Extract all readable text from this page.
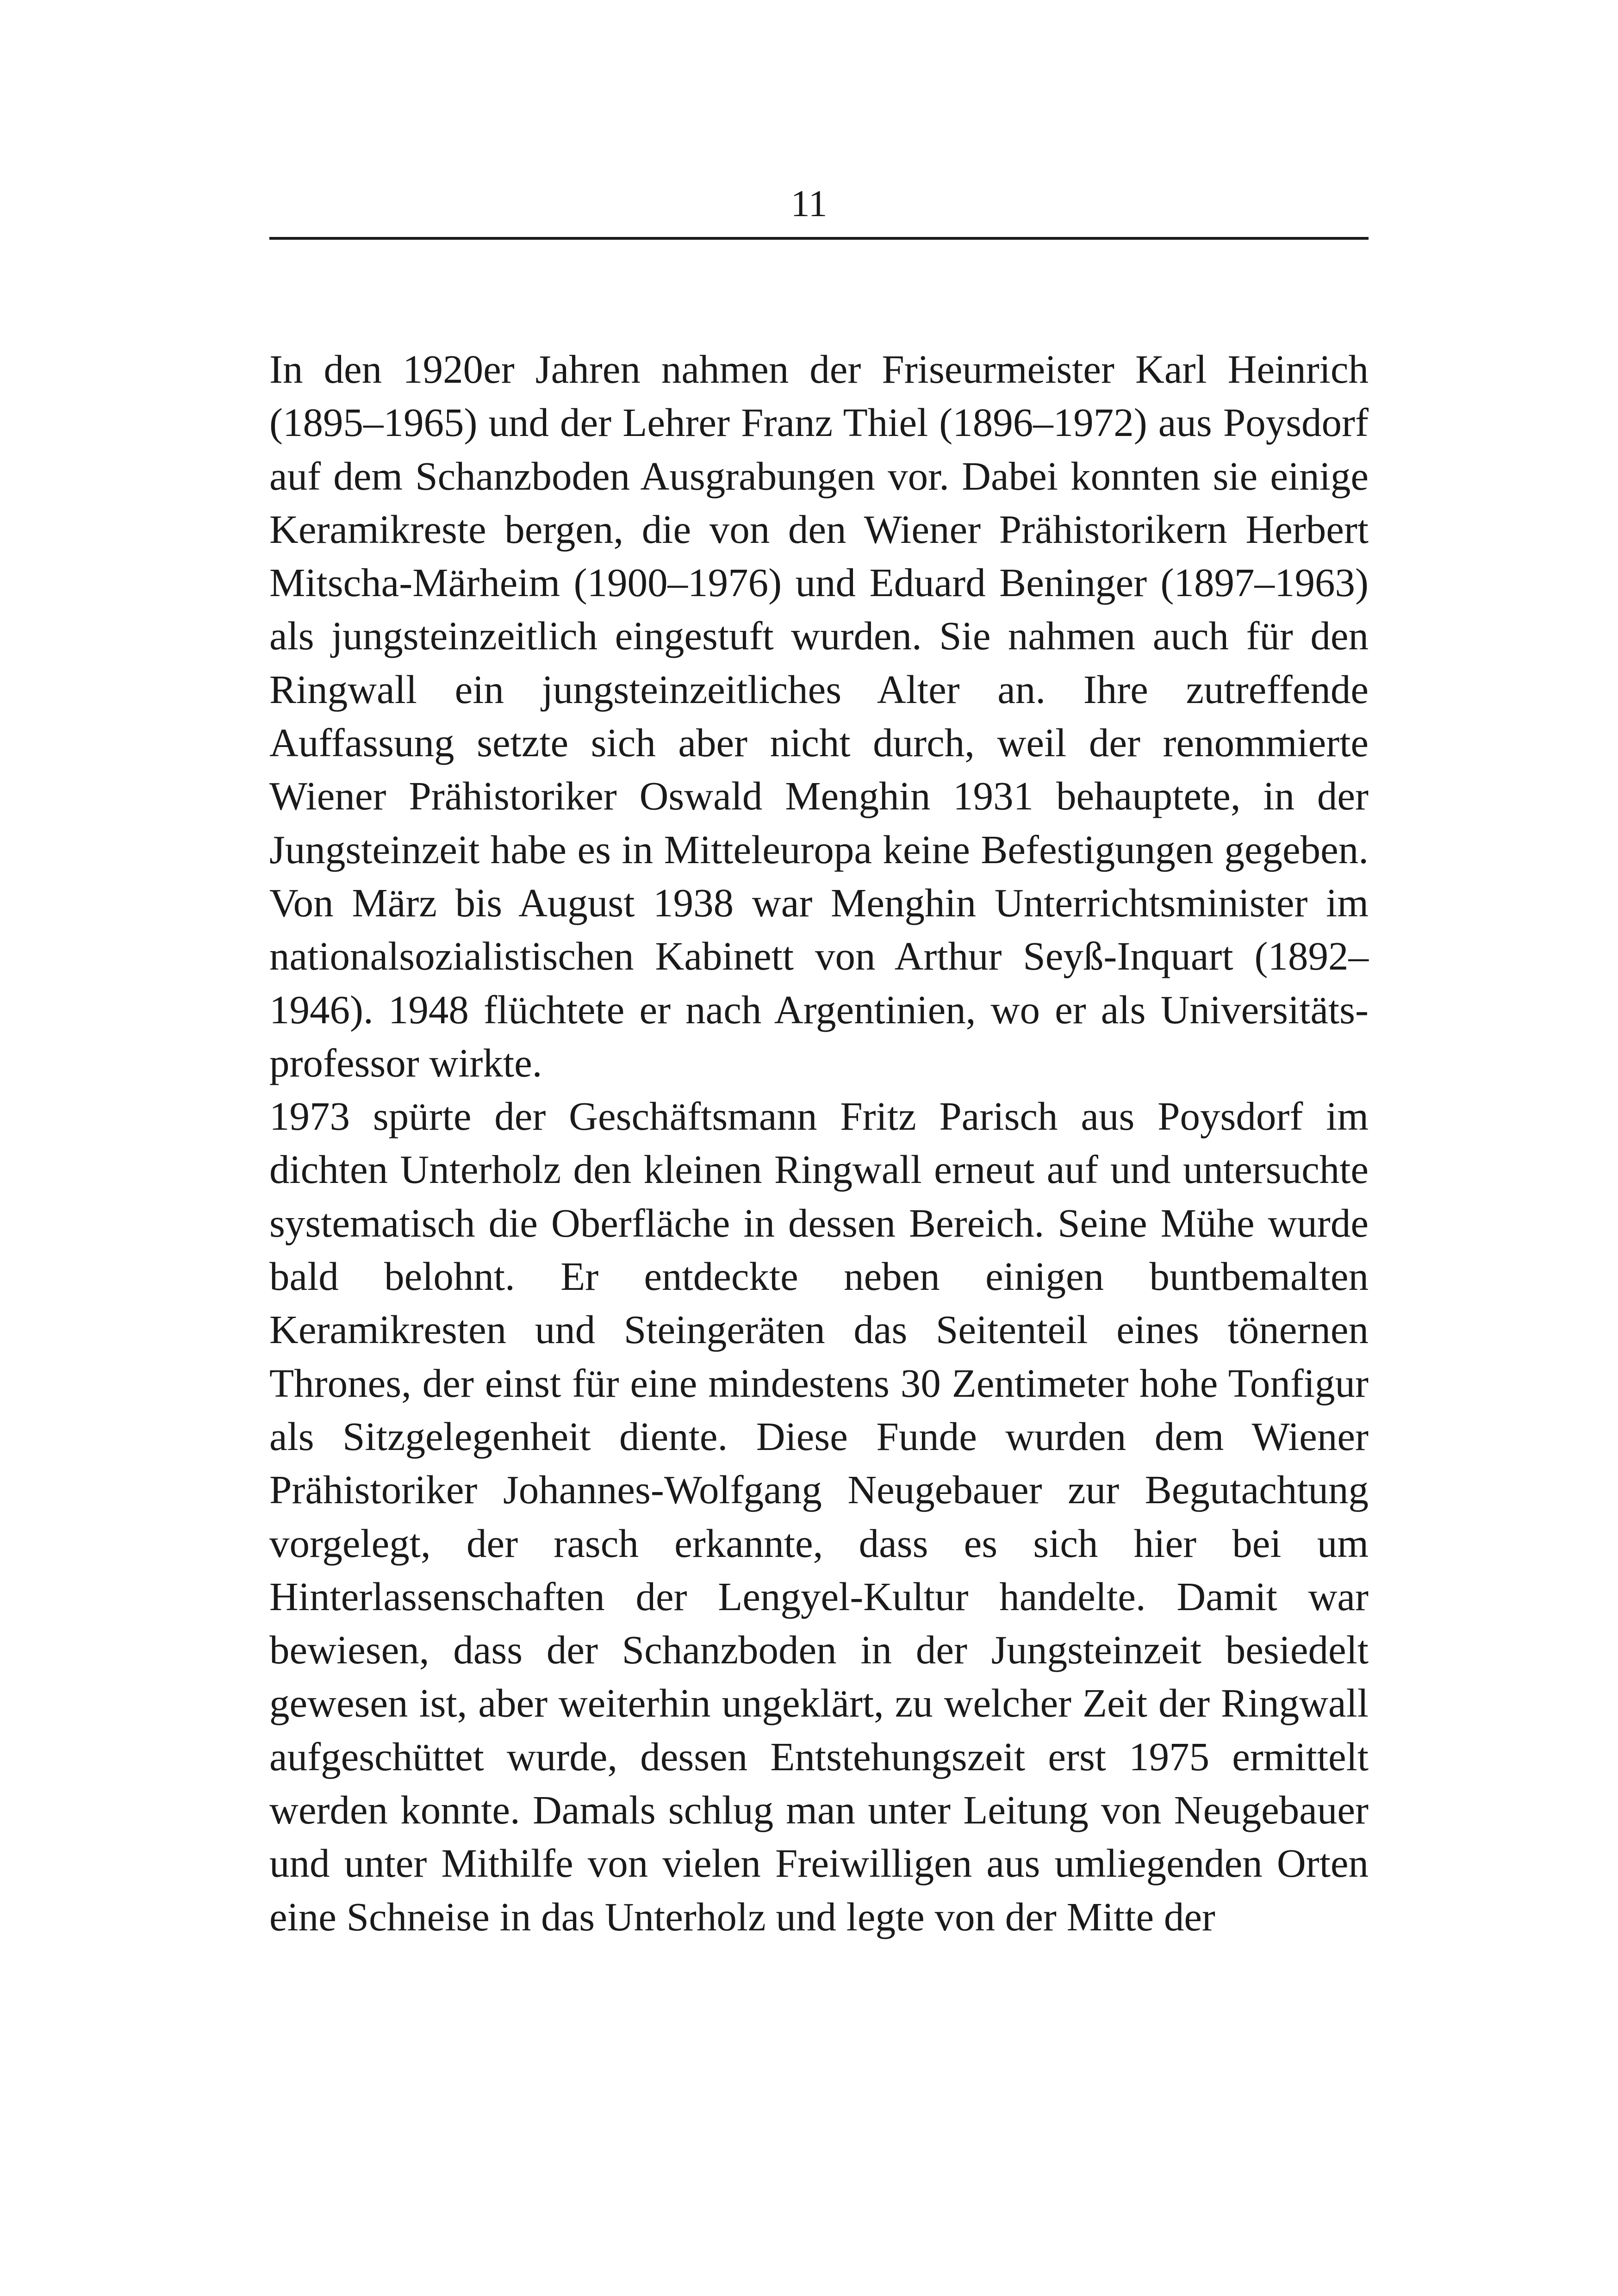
11

In den 1920er Jahren nahmen der Friseurmeister Karl Heinrich (1895–1965) und der Lehrer Franz Thiel (1896–1972) aus Poysdorf auf dem Schanzboden Ausgrabungen vor. Dabei konnten sie einige Keramikreste bergen, die von den Wiener Prähistorikern Herbert Mitscha-Märheim (1900–1976) und Eduard Beninger (1897–1963) als jungsteinzeitlich eingestuft wurden. Sie nahmen auch für den Ringwall ein jungsteinzeitliches Alter an. Ihre zutreffende Auffassung setzte sich aber nicht durch, weil der renommierte Wiener Prähistoriker Oswald Menghin 1931 behauptete, in der Jungsteinzeit habe es in Mitteleuropa keine Befestigungen gegeben. Von März bis August 1938 war Menghin Unterrichtsminister im nationalsozialistischen Kabinett von Arthur Seyß-Inquart (1892–1946). 1948 flüchtete er nach Argentinien, wo er als Universitätsprofessor wirkte.

1973 spürte der Geschäftsmann Fritz Parisch aus Poysdorf im dichten Unterholz den kleinen Ringwall erneut auf und untersuchte systematisch die Oberfläche in dessen Bereich. Seine Mühe wurde bald belohnt. Er entdeckte neben einigen buntbemalten Keramikresten und Steingeräten das Seitenteil eines tönernen Thrones, der einst für eine mindestens 30 Zentimeter hohe Tonfigur als Sitzgelegenheit diente. Diese Funde wurden dem Wiener Prähistoriker Johannes-Wolfgang Neugebauer zur Begutachtung vorgelegt, der rasch erkannte, dass es sich hier bei um Hinterlassenschaften der Lengyel-Kultur handelte. Damit war bewiesen, dass der Schanzboden in der Jungsteinzeit besiedelt gewesen ist, aber weiterhin ungeklärt, zu welcher Zeit der Ringwall aufgeschüttet wurde, dessen Entstehungszeit erst 1975 ermittelt werden konnte. Damals schlug man unter Leitung von Neugebauer und unter Mithilfe von vielen Freiwilligen aus umliegenden Orten eine Schneise in das Unterholz und legte von der Mitte der
